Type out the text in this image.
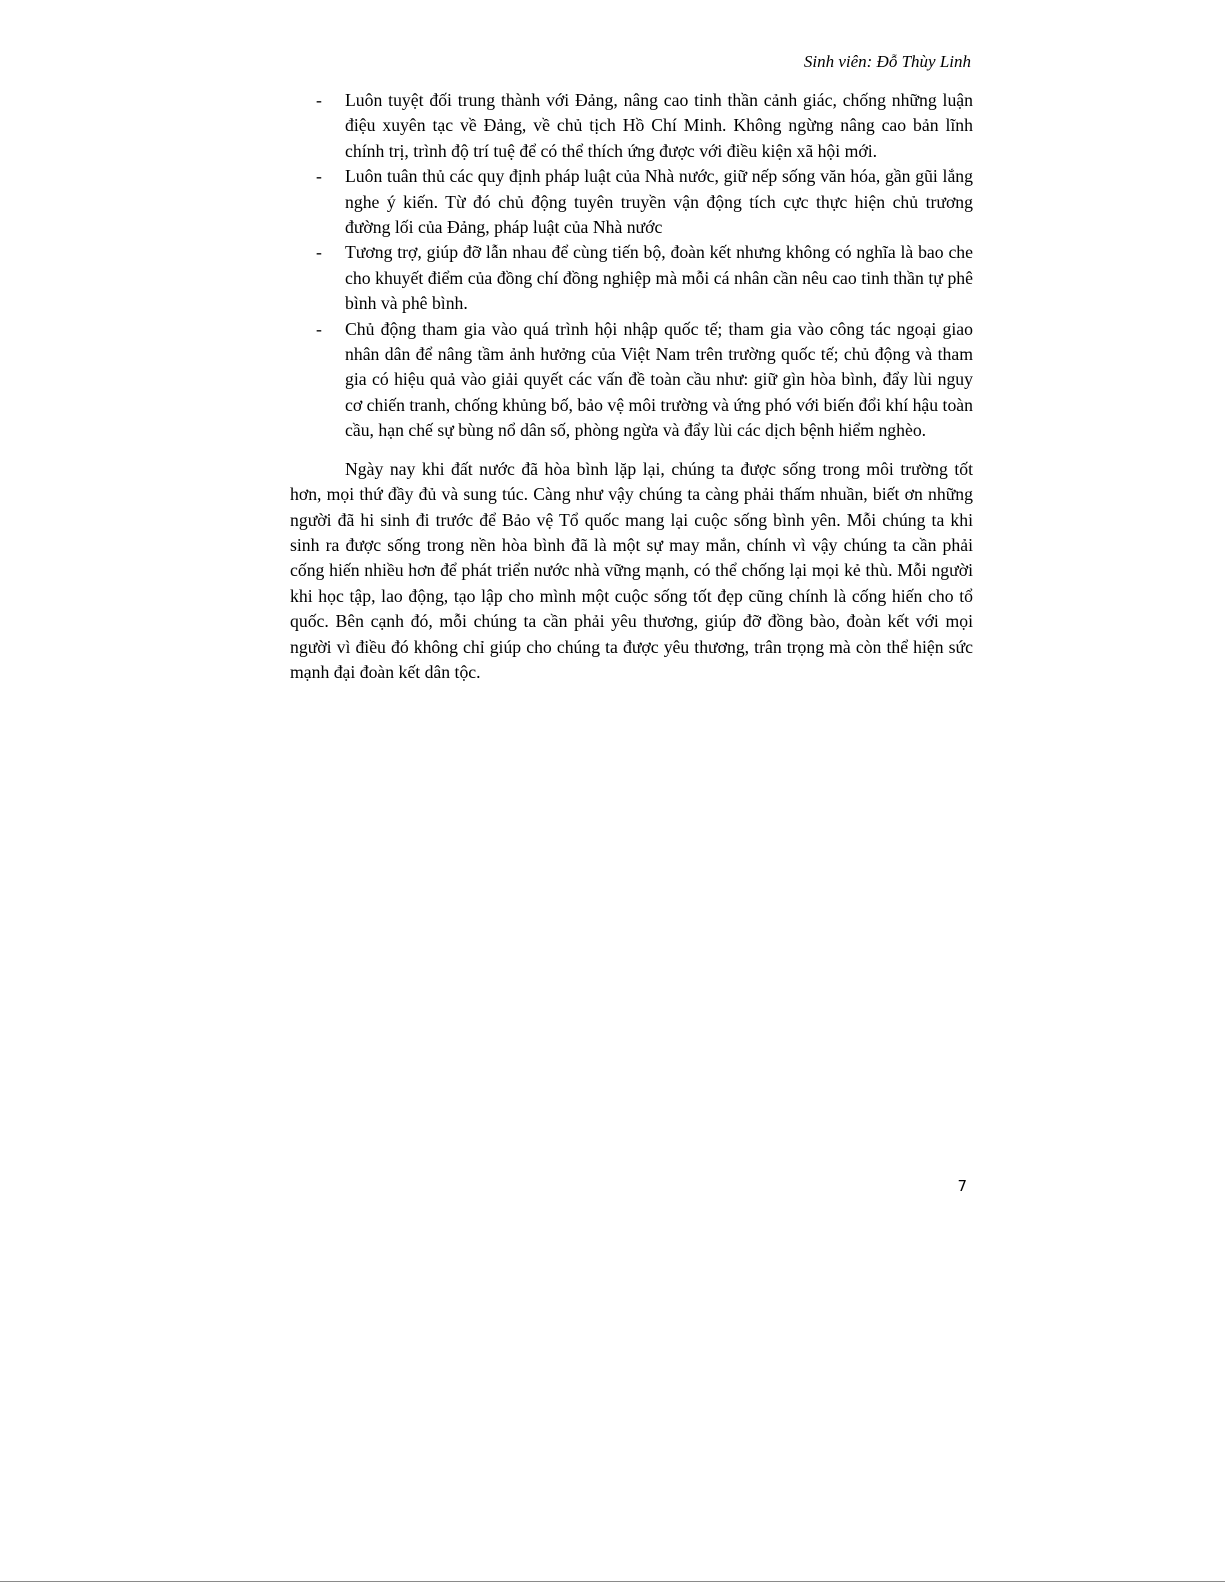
Sinh viên: Đỗ Thùy Linh
- Luôn tuyệt đối trung thành với Đảng, nâng cao tinh thần cảnh giác, chống những luận điệu xuyên tạc về Đảng, về chủ tịch Hồ Chí Minh. Không ngừng nâng cao bản lĩnh chính trị, trình độ trí tuệ để có thể thích ứng được với điều kiện xã hội mới.
- Luôn tuân thủ các quy định pháp luật của Nhà nước, giữ nếp sống văn hóa, gần gũi lắng nghe ý kiến. Từ đó chủ động tuyên truyền vận động tích cực thực hiện chủ trương đường lối của Đảng, pháp luật của Nhà nước
- Tương trợ, giúp đỡ lẫn nhau để cùng tiến bộ, đoàn kết nhưng không có nghĩa là bao che cho khuyết điểm của đồng chí đồng nghiệp mà mỗi cá nhân cần nêu cao tinh thần tự phê bình và phê bình.
- Chủ động tham gia vào quá trình hội nhập quốc tế; tham gia vào công tác ngoại giao nhân dân để nâng tầm ảnh hưởng của Việt Nam trên trường quốc tế; chủ động và tham gia có hiệu quả vào giải quyết các vấn đề toàn cầu như: giữ gìn hòa bình, đẩy lùi nguy cơ chiến tranh, chống khủng bố, bảo vệ môi trường và ứng phó với biến đổi khí hậu toàn cầu, hạn chế sự bùng nổ dân số, phòng ngừa và đẩy lùi các dịch bệnh hiểm nghèo.

Ngày nay khi đất nước đã hòa bình lặp lại, chúng ta được sống trong môi trường tốt hơn, mọi thứ đầy đủ và sung túc. Càng như vậy chúng ta càng phải thấm nhuần, biết ơn những người đã hi sinh đi trước để Bảo vệ Tổ quốc mang lại cuộc sống bình yên. Mỗi chúng ta khi sinh ra được sống trong nền hòa bình đã là một sự may mắn, chính vì vậy chúng ta cần phải cống hiến nhiều hơn để phát triển nước nhà vững mạnh, có thể chống lại mọi kẻ thù. Mỗi người khi học tập, lao động, tạo lập cho mình một cuộc sống tốt đẹp cũng chính là cống hiến cho tổ quốc. Bên cạnh đó, mỗi chúng ta cần phải yêu thương, giúp đỡ đồng bào, đoàn kết với mọi người vì điều đó không chỉ giúp cho chúng ta được yêu thương, trân trọng mà còn thể hiện sức mạnh đại đoàn kết dân tộc.

7
